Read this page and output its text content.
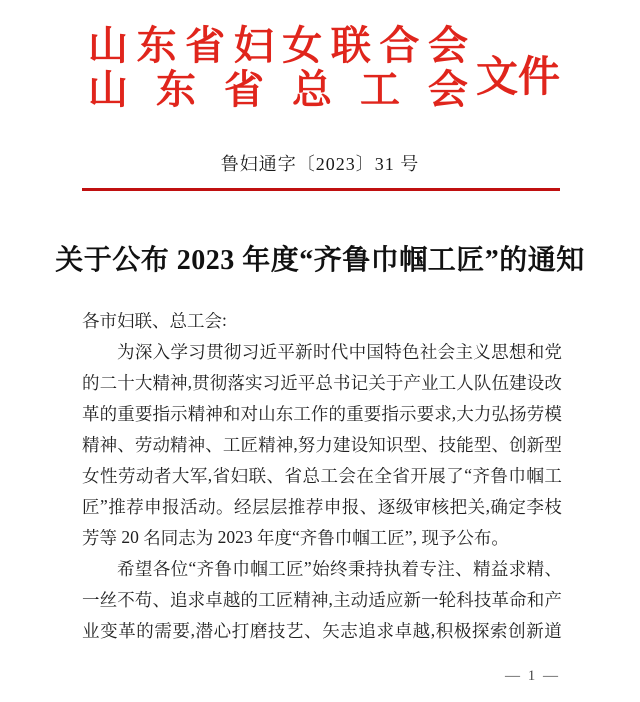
山 东 省 妇 女 联 合 会
山 东 省 总 工 会 文件
鲁妇通字〔2023〕31 号
关于公布 2023 年度“齐鲁巾帼工匠”的通知
各 市 妇 联 、 总 工 会 :
为 深 入 学 习 贯 彻 习 近 平 新 时 代 中 国 特 色 社 会 主 义 思 想 和 党
的 二 十 大 精 神 , 贯 彻 落 实 习 近 平 总 书 记 关 于 产 业 工 人 队 伍 建 设 改
革 的 重 要 指 示 精 神 和 对 山 东 工 作 的 重 要 指 示 要 求 , 大 力 弘 扬 劳 模
精 神 、 劳 动 精 神 、 工 匠 精 神 , 努 力 建 设 知 识 型 、 技 能 型 、 创 新 型
女 性 劳 动 者 大 军 , 省 妇 联 、 省 总 工 会 在 全 省 开 展 了 “ 齐 鲁 巾 帼 工
匠 ” 推 荐 申 报 活 动 。 经 层 层 推 荐 申 报 、 逐 级 审 核 把 关 , 确 定 李 枝
芳 等
2 0
名 同 志 为
2 0 2 3
年 度 “ 齐 鲁 巾 帼 工 匠 ” ,
现 予 公 布 。
希 望 各 位 “ 齐 鲁 巾 帼 工 匠 ” 始 终 秉 持 执 着 专 注 、 精 益 求 精 、
一 丝 不 苟 、 追 求 卓 越 的 工 匠 精 神 , 主 动 适 应 新 一 轮 科 技 革 命 和 产
业 变 革 的 需 要 , 潜 心 打 磨 技 艺 、 矢 志 追 求 卓 越 , 积 极 探 索 创 新 道
— 1 —
